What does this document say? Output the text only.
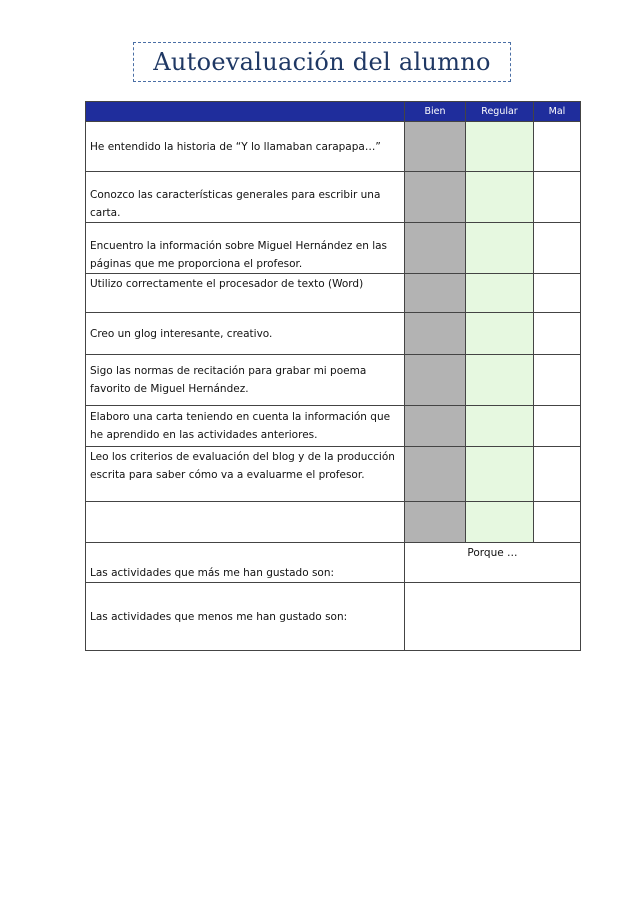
Autoevaluación del alumno
	Bien	Regular	Mal
He entendido la historia de “Y lo llamaban carapapa…”			
Conozco las características generales para escribir una carta.			
Encuentro la información sobre Miguel Hernández en las páginas que me proporciona el profesor.			
Utilizo correctamente el procesador de texto (Word)			
Creo un glog interesante, creativo.			
Sigo las normas de recitación para grabar mi poema favorito de Miguel Hernández.			
Elaboro una carta teniendo en cuenta la información que he aprendido en las actividades anteriores.			
Leo los criterios de evaluación del blog y de la producción escrita para saber cómo va a evaluarme el profesor.			

Las actividades que más me han gustado son:	Porque …		
Las actividades que menos me han gustado son:			
